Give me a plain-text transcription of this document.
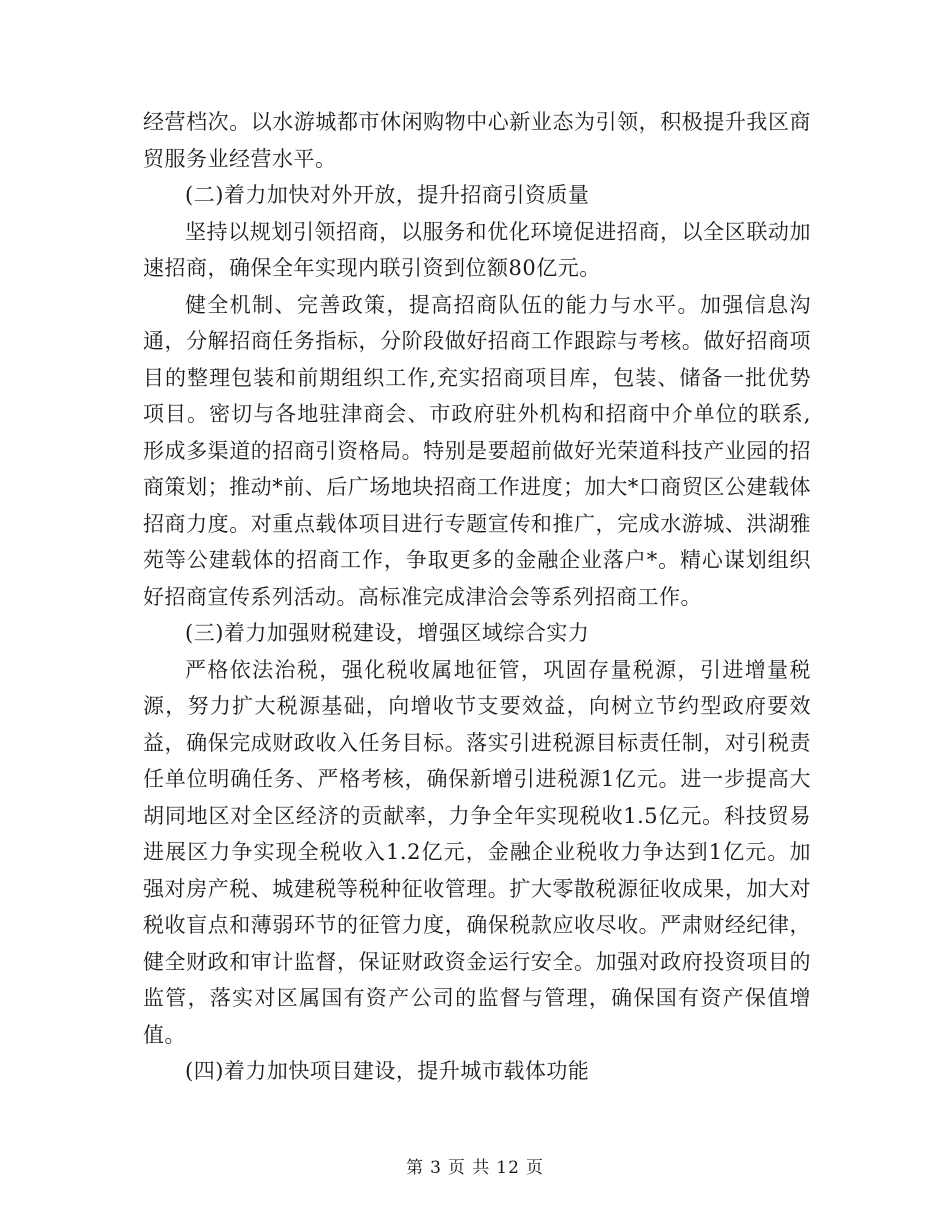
经营档次。以水游城都市休闲购物中心新业态为引领，积极提升我区商贸服务业经营水平。

(二)着力加快对外开放，提升招商引资质量

坚持以规划引领招商，以服务和优化环境促进招商，以全区联动加速招商，确保全年实现内联引资到位额80亿元。

健全机制、完善政策，提高招商队伍的能力与水平。加强信息沟通，分解招商任务指标，分阶段做好招商工作跟踪与考核。做好招商项目的整理包装和前期组织工作,充实招商项目库，包装、储备一批优势项目。密切与各地驻津商会、市政府驻外机构和招商中介单位的联系,形成多渠道的招商引资格局。特别是要超前做好光荣道科技产业园的招商策划；推动*前、后广场地块招商工作进度；加大*口商贸区公建载体招商力度。对重点载体项目进行专题宣传和推广，完成水游城、洪湖雅苑等公建载体的招商工作，争取更多的金融企业落户*。精心谋划组织好招商宣传系列活动。高标准完成津洽会等系列招商工作。

(三)着力加强财税建设，增强区域综合实力

严格依法治税，强化税收属地征管，巩固存量税源，引进增量税源，努力扩大税源基础，向增收节支要效益，向树立节约型政府要效益，确保完成财政收入任务目标。落实引进税源目标责任制，对引税责任单位明确任务、严格考核，确保新增引进税源1亿元。进一步提高大胡同地区对全区经济的贡献率，力争全年实现税收1.5亿元。科技贸易进展区力争实现全税收入1.2亿元，金融企业税收力争达到1亿元。加强对房产税、城建税等税种征收管理。扩大零散税源征收成果，加大对税收盲点和薄弱环节的征管力度，确保税款应收尽收。严肃财经纪律，健全财政和审计监督，保证财政资金运行安全。加强对政府投资项目的监管，落实对区属国有资产公司的监督与管理，确保国有资产保值增值。

(四)着力加快项目建设，提升城市载体功能

第 3 页 共 12 页
